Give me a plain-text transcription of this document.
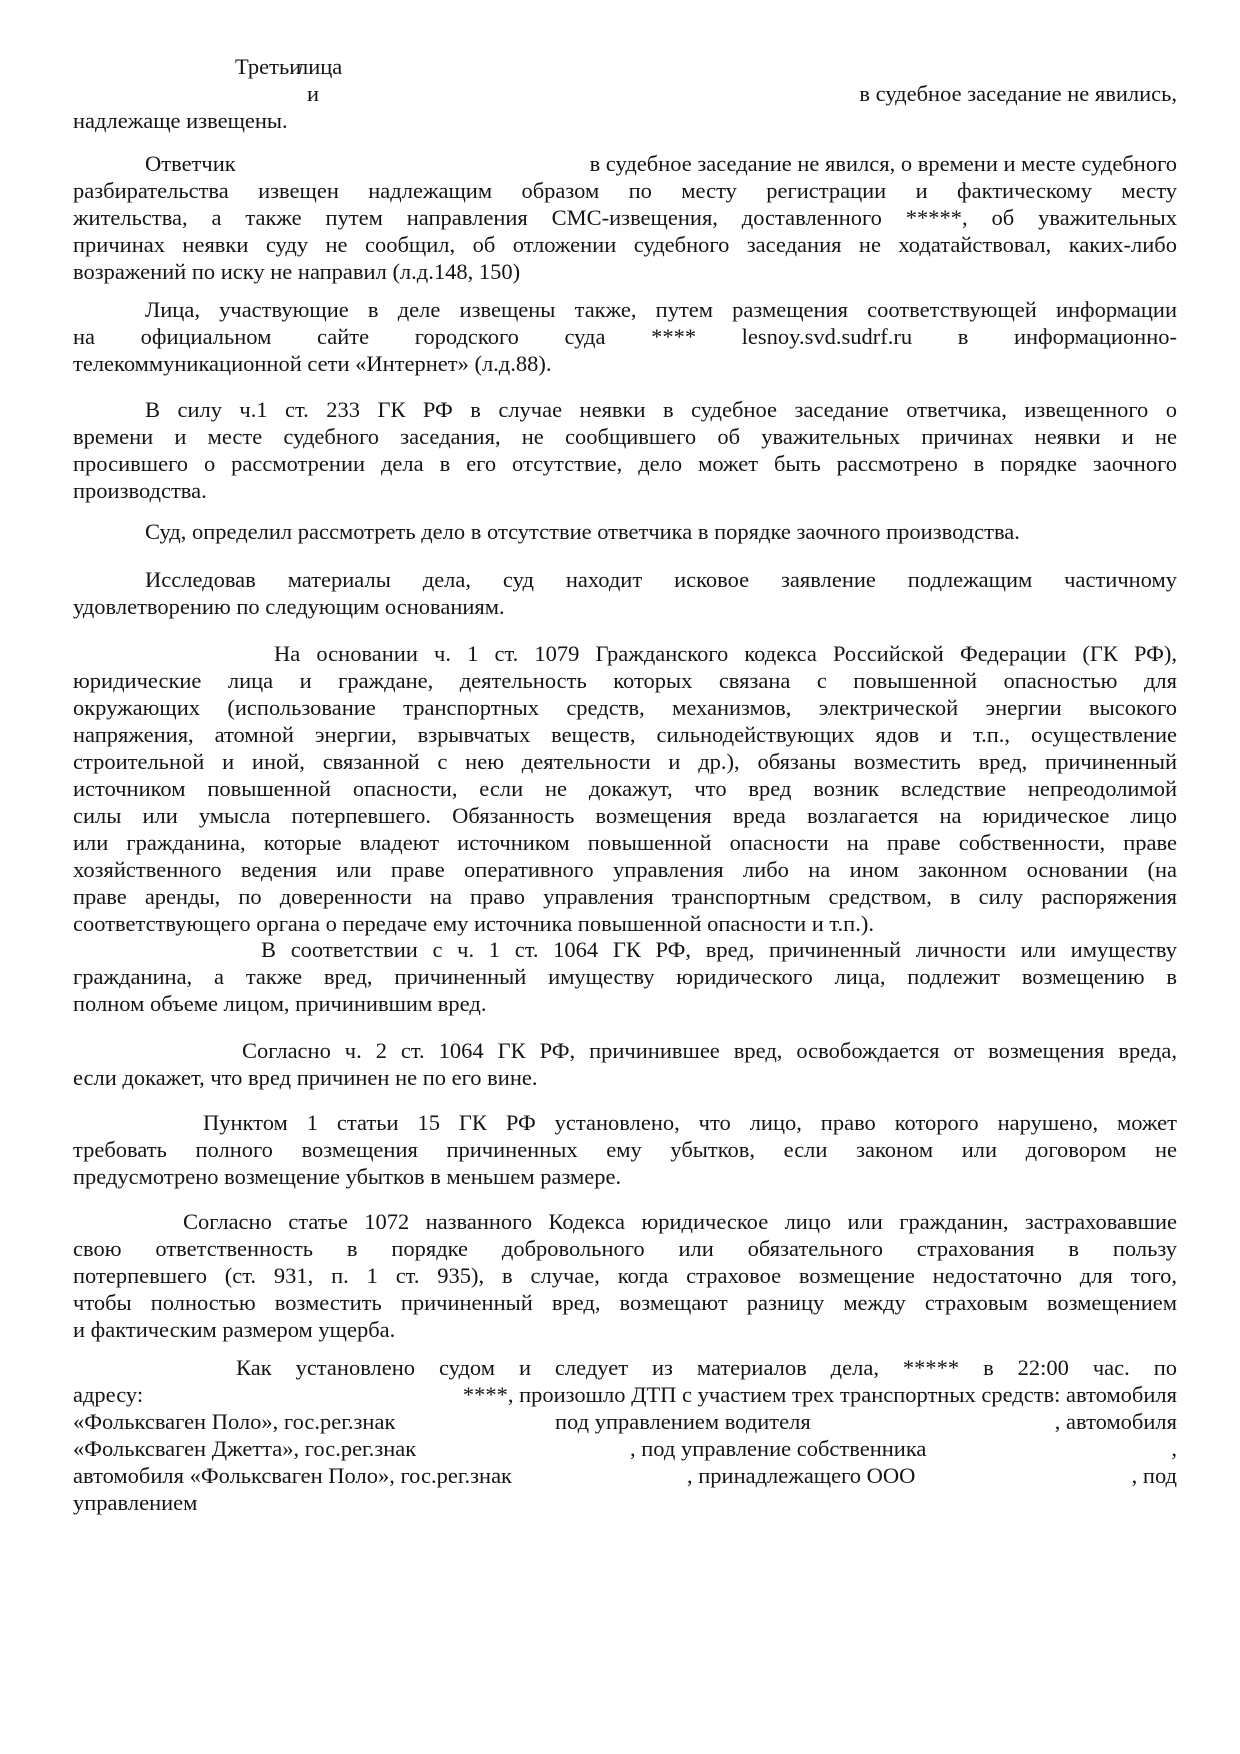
Третьи
лица
и	в судебное заседание не явились,
надлежаще извещены.
Ответчик	в судебное заседание не явился, о времени и месте судебного
разбирательства извещен надлежащим образом по месту регистрации и фактическому месту
жительства, а также путем направления СМС-извещения, доставленного *****, об уважительных
причинах неявки суду не сообщил, об отложении судебного заседания не ходатайствовал, каких-либо
возражений по иску не направил (л.д.148, 150)
Лица, участвующие в деле извещены также, путем размещения соответствующей информации
на официальном сайте городского суда **** lesnoy.svd.sudrf.ru в информационно-
телекоммуникационной сети «Интернет» (л.д.88).
В силу ч.1 ст. 233 ГК РФ в случае неявки в судебное заседание ответчика, извещенного о
времени и месте судебного заседания, не сообщившего об уважительных причинах неявки и не
просившего о рассмотрении дела в его отсутствие, дело может быть рассмотрено в порядке заочного
производства.
Суд, определил рассмотреть дело в отсутствие ответчика в порядке заочного производства.
Исследовав материалы дела, суд находит исковое заявление подлежащим частичному
удовлетворению по следующим основаниям.
На основании ч. 1 ст. 1079 Гражданского кодекса Российской Федерации (ГК РФ),
юридические лица и граждане, деятельность которых связана с повышенной опасностью для
окружающих (использование транспортных средств, механизмов, электрической энергии высокого
напряжения, атомной энергии, взрывчатых веществ, сильнодействующих ядов и т.п., осуществление
строительной и иной, связанной с нею деятельности и др.), обязаны возместить вред, причиненный
источником повышенной опасности, если не докажут, что вред возник вследствие непреодолимой
силы или умысла потерпевшего. Обязанность возмещения вреда возлагается на юридическое лицо
или гражданина, которые владеют источником повышенной опасности на праве собственности, праве
хозяйственного ведения или праве оперативного управления либо на ином законном основании (на
праве аренды, по доверенности на право управления транспортным средством, в силу распоряжения
соответствующего органа о передаче ему источника повышенной опасности и т.п.).
В соответствии с ч. 1 ст. 1064 ГК РФ, вред, причиненный личности или имуществу
гражданина, а также вред, причиненный имуществу юридического лица, подлежит возмещению в
полном объеме лицом, причинившим вред.
Согласно ч. 2 ст. 1064 ГК РФ, причинившее вред, освобождается от возмещения вреда,
если докажет, что вред причинен не по его вине.
Пунктом 1 статьи 15 ГК РФ установлено, что лицо, право которого нарушено, может
требовать полного возмещения причиненных ему убытков, если законом или договором не
предусмотрено возмещение убытков в меньшем размере.
Согласно статье 1072 названного Кодекса юридическое лицо или гражданин, застраховавшие
свою ответственность в порядке добровольного или обязательного страхования в пользу
потерпевшего (ст. 931, п. 1 ст. 935), в случае, когда страховое возмещение недостаточно для того,
чтобы полностью возместить причиненный вред, возмещают разницу между страховым возмещением
и фактическим размером ущерба.
Как установлено судом и следует из материалов дела, ***** в 22:00 час. по
адресу:	****, произошло ДТП с участием трех транспортных средств: автомобиля
«Фольксваген Поло», гос.рег.знак	под управлением водителя	, автомобиля
«Фольксваген Джетта», гос.рег.знак	, под управление собственника	,
автомобиля «Фольксваген Поло», гос.рег.знак	, принадлежащего ООО	, под
управлением
